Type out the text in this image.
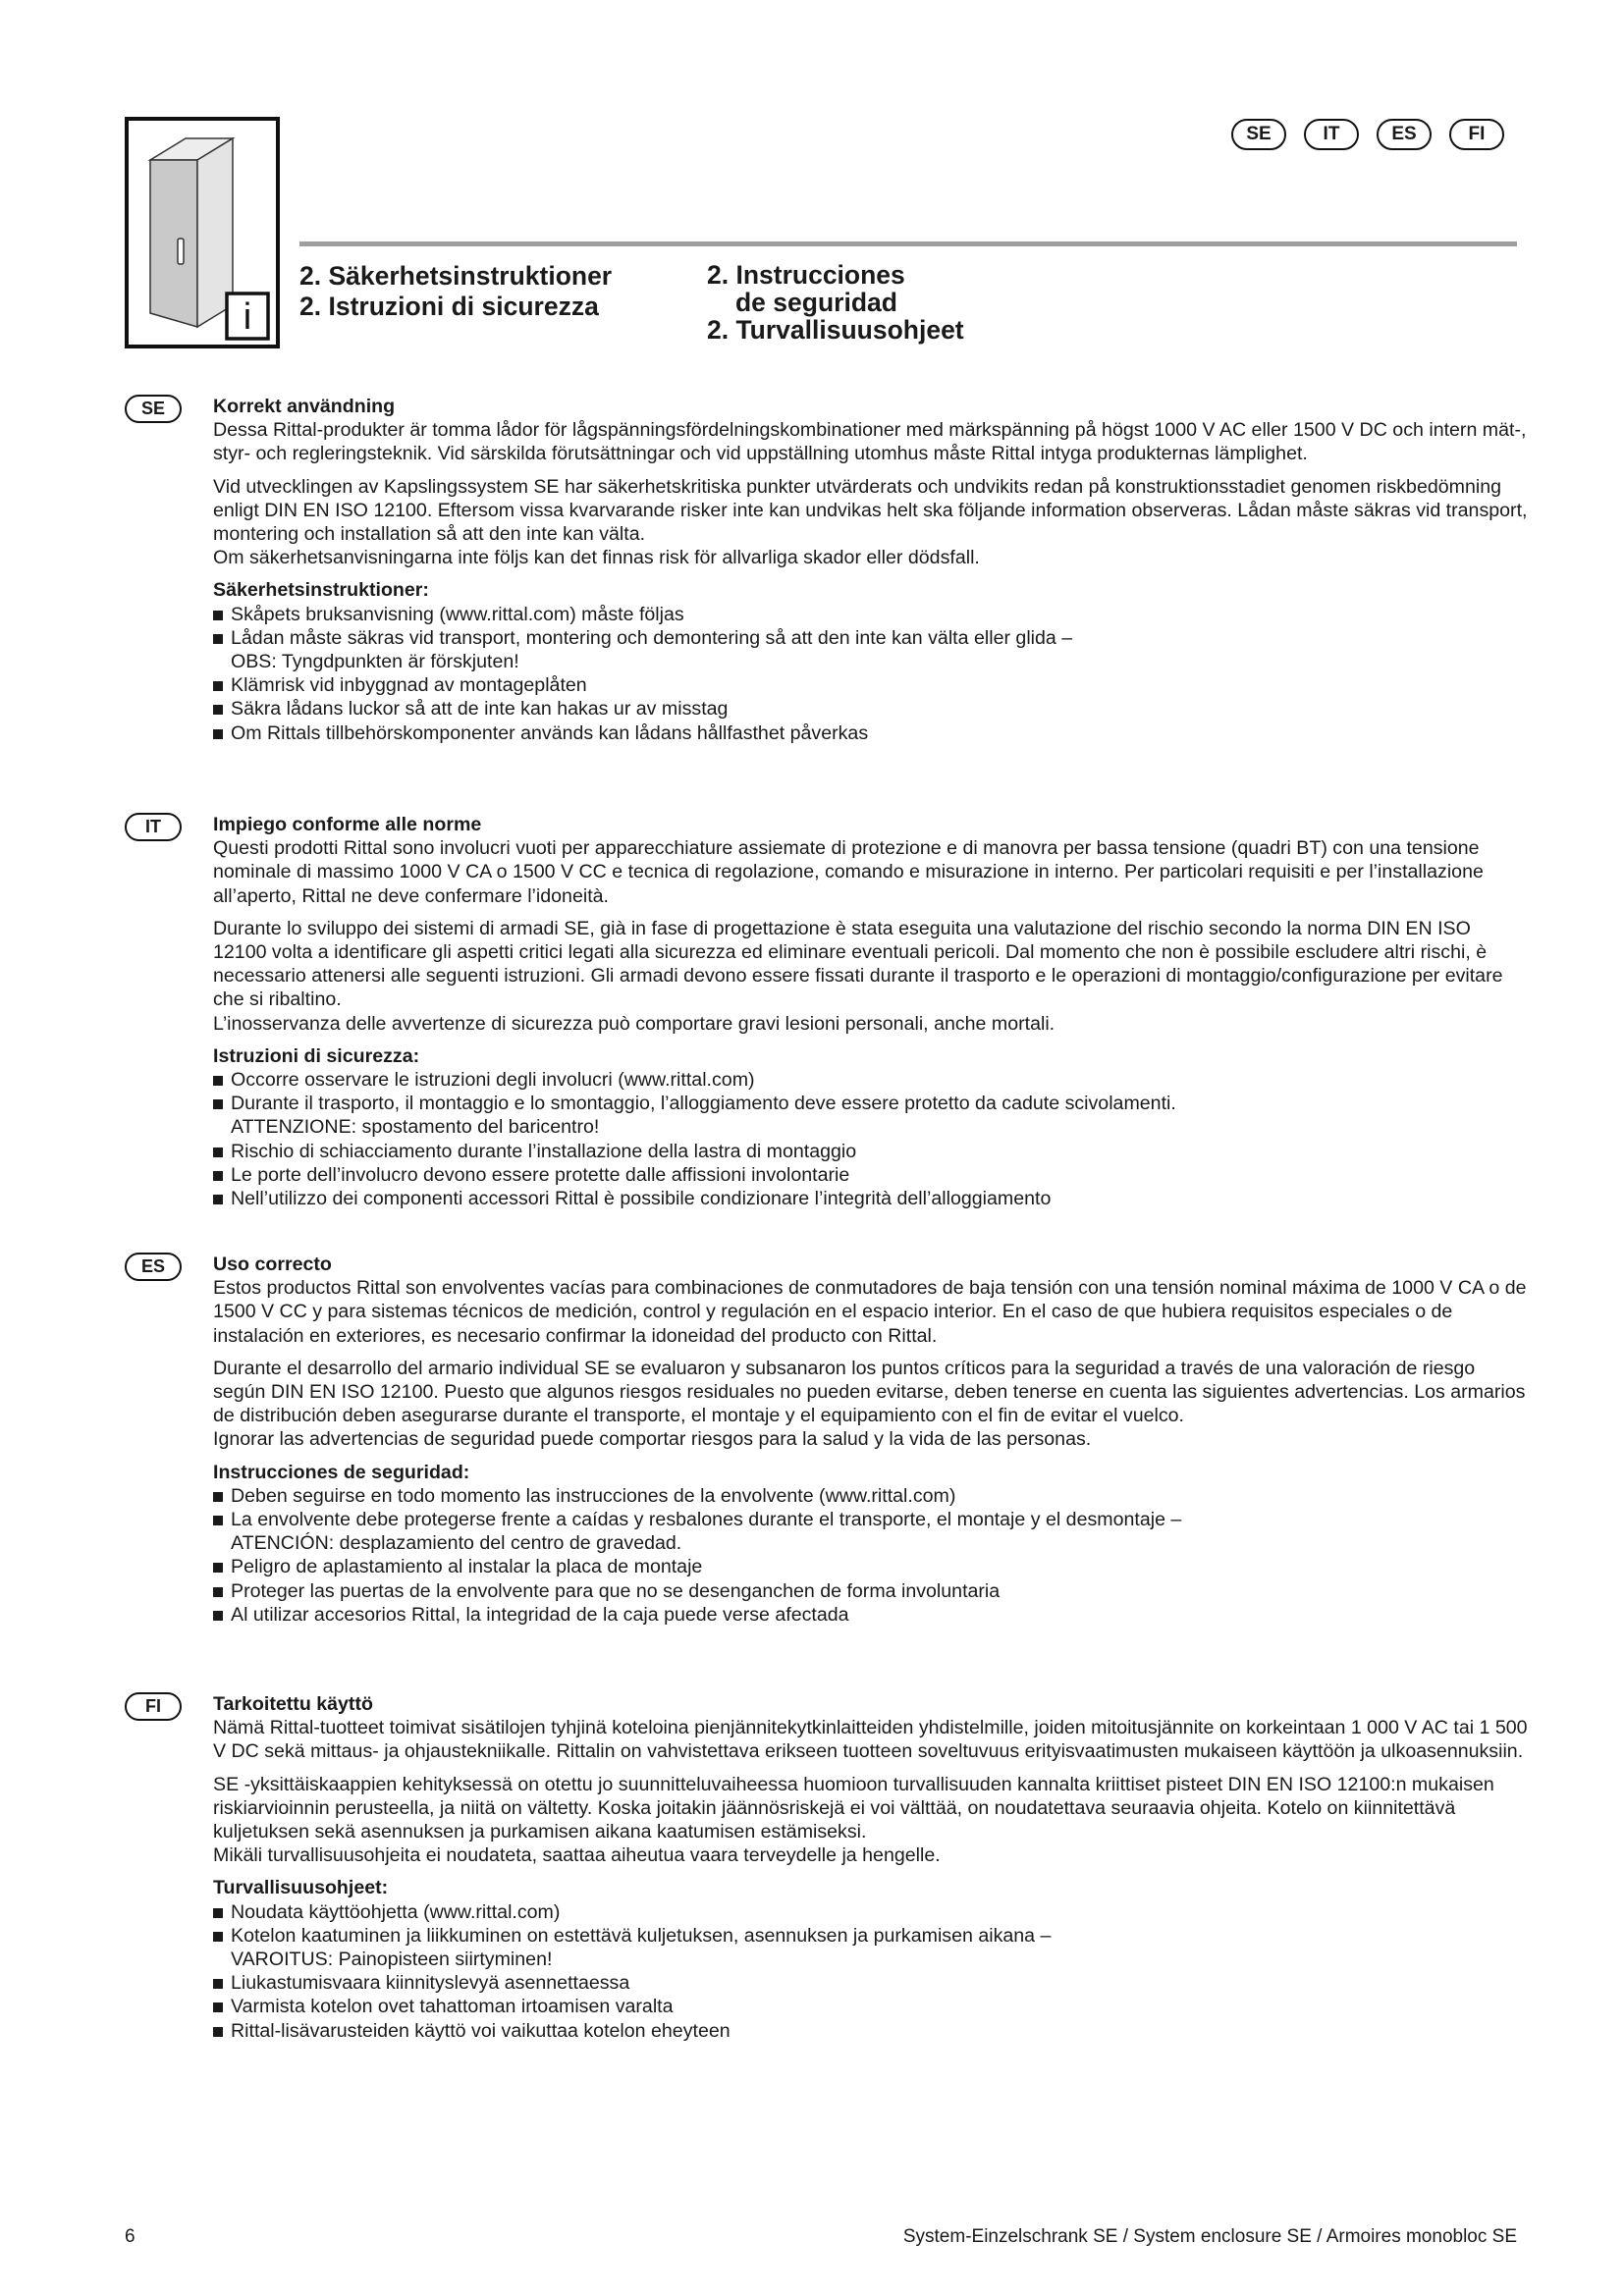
i
SE	IT	ES	FI
2. Säkerhetsinstruktioner
2. Istruzioni di sicurezza
2. Instrucciones
de seguridad
2. Turvallisuusohjeet
SE	Korrekt användning

Dessa Rittal-produkter är tomma lådor för lågspänningsfördelningskombinationer med märkspänning på högst 1000 V AC eller 1500 V DC och intern mät-, styr- och regleringsteknik. Vid särskilda förutsättningar och vid uppställning utomhus måste Rittal intyga produkternas lämplighet.

Vid utvecklingen av Kapslingssystem SE har säkerhetskritiska punkter utvärderats och undvikits redan på konstruktionsstadiet genomen riskbedömning enligt DIN EN ISO 12100. Eftersom vissa kvarvarande risker inte kan undvikas helt ska följande information observeras. Lådan måste säkras vid transport, montering och installation så att den inte kan välta.

Om säkerhetsanvisningarna inte följs kan det finnas risk för allvarliga skador eller dödsfall.

Säkerhetsinstruktioner:

Skåpets bruksanvisning (www.rittal.com) måste följas
Lådan måste säkras vid transport, montering och demontering så att den inte kan välta eller glida –
OBS: Tyngdpunkten är förskjuten!
Klämrisk vid inbyggnad av montageplåten
Säkra lådans luckor så att de inte kan hakas ur av misstag
Om Rittals tillbehörskomponenter används kan lådans hållfasthet påverkas
IT	Impiego conforme alle norme

Questi prodotti Rittal sono involucri vuoti per apparecchiature assiemate di protezione e di manovra per bassa tensione (quadri BT) con una tensione nominale di massimo 1000 V CA o 1500 V CC e tecnica di regolazione, comando e misurazione in interno. Per particolari requisiti e per l’installazione all’aperto, Rittal ne deve confermare l’idoneità.

Durante lo sviluppo dei sistemi di armadi SE, già in fase di progettazione è stata eseguita una valutazione del rischio secondo la norma DIN EN ISO 12100 volta a identificare gli aspetti critici legati alla sicurezza ed eliminare eventuali pericoli. Dal momento che non è possibile escludere altri rischi, è necessario attenersi alle seguenti istruzioni. Gli armadi devono essere fissati durante il trasporto e le operazioni di montaggio/configurazione per evitare che si ribaltino.

L’inosservanza delle avvertenze di sicurezza può comportare gravi lesioni personali, anche mortali.

Istruzioni di sicurezza:

Occorre osservare le istruzioni degli involucri (www.rittal.com)
Durante il trasporto, il montaggio e lo smontaggio, l’alloggiamento deve essere protetto da cadute scivolamenti.
ATTENZIONE: spostamento del baricentro!
Rischio di schiacciamento durante l’installazione della lastra di montaggio
Le porte dell’involucro devono essere protette dalle affissioni involontarie
Nell’utilizzo dei componenti accessori Rittal è possibile condizionare l’integrità dell’alloggiamento
ES	Uso correcto

Estos productos Rittal son envolventes vacías para combinaciones de conmutadores de baja tensión con una tensión nominal máxima de 1000 V CA o de 1500 V CC y para sistemas técnicos de medición, control y regulación en el espacio interior. En el caso de que hubiera requisitos especiales o de instalación en exteriores, es necesario confirmar la idoneidad del producto con Rittal.

Durante el desarrollo del armario individual SE se evaluaron y subsanaron los puntos críticos para la seguridad a través de una valoración de riesgo según DIN EN ISO 12100. Puesto que algunos riesgos residuales no pueden evitarse, deben tenerse en cuenta las siguientes advertencias. Los armarios de distribución deben asegurarse durante el transporte, el montaje y el equipamiento con el fin de evitar el vuelco.

Ignorar las advertencias de seguridad puede comportar riesgos para la salud y la vida de las personas.

Instrucciones de seguridad:

Deben seguirse en todo momento las instrucciones de la envolvente (www.rittal.com)
La envolvente debe protegerse frente a caídas y resbalones durante el transporte, el montaje y el desmontaje –
ATENCIÓN: desplazamiento del centro de gravedad.
Peligro de aplastamiento al instalar la placa de montaje
Proteger las puertas de la envolvente para que no se desenganchen de forma involuntaria
Al utilizar accesorios Rittal, la integridad de la caja puede verse afectada
FI	Tarkoitettu käyttö

Nämä Rittal-tuotteet toimivat sisätilojen tyhjinä koteloina pienjännitekytkinlaitteiden yhdistelmille, joiden mitoitusjännite on korkeintaan 1 000 V AC tai 1 500 V DC sekä mittaus- ja ohjaustekniikalle. Rittalin on vahvistettava erikseen tuotteen soveltuvuus erityisvaatimusten mukaiseen käyttöön ja ulkoasennuksiin.

SE -yksittäiskaappien kehityksessä on otettu jo suunnitteluvaiheessa huomioon turvallisuuden kannalta kriittiset pisteet DIN EN ISO 12100:n mukaisen riskiarvioinnin perusteella, ja niitä on vältetty. Koska joitakin jäännösriskejä ei voi välttää, on noudatettava seuraavia ohjeita. Kotelo on kiinnitettävä kuljetuksen sekä asennuksen ja purkamisen aikana kaatumisen estämiseksi.

Mikäli turvallisuusohjeita ei noudateta, saattaa aiheutua vaara terveydelle ja hengelle.

Turvallisuusohjeet:

Noudata käyttöohjetta (www.rittal.com)
Kotelon kaatuminen ja liikkuminen on estettävä kuljetuksen, asennuksen ja purkamisen aikana –
VAROITUS: Painopisteen siirtyminen!
Liukastumisvaara kiinnityslevyä asennettaessa
Varmista kotelon ovet tahattoman irtoamisen varalta
Rittal-lisävarusteiden käyttö voi vaikuttaa kotelon eheyteen
6	System-Einzelschrank SE / System enclosure SE / Armoires monobloc SE
